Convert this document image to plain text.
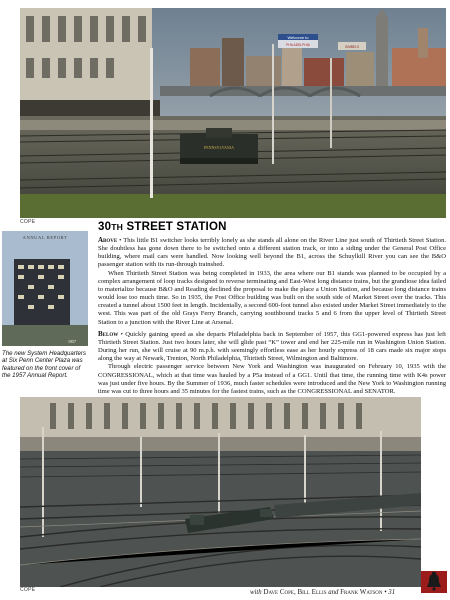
Welcome to
PHILADELPHIA	GIMBELS
PENNSYLVANIA
COPE
ANNUAL REPORT
1957
The new System Headquarters at Six Penn Center Plaza was featured on the front cover of the 1957 Annual Report.
30TH STREET STATION

Above • This little B1 switcher looks terribly lonely as she stands all alone on the River Line just south of Thirtieth Street Station. She doubtless has gone down there to be switched onto a different station track, or into a siding under the General Post Office building, where mail cars were handled. Now looking well beyond the B1, across the Schuylkill River you can see the B&O passenger station with its run-through trainshed.

When Thirtieth Street Station was being completed in 1933, the area where our B1 stands was planned to be occupied by a complex arrangement of loop tracks designed to reverse terminating and East-West long distance trains, but the grandiose idea failed to materialize because B&O and Reading declined the proposal to make the place a Union Station, and because long distance trains would lose too much time. So in 1935, the Post Office building was built on the south side of Market Street over the tracks. This created a tunnel about 1500 feet in length. Incidentally, a second 600-foot tunnel also existed under Market Street immediately to the west. This was part of the old Grays Ferry Branch, carrying southbound tracks 5 and 6 from the upper level of Thirtieth Street Station to a junction with the River Line at Arsenal.

Below • Quickly gaining speed as she departs Philadelphia back in September of 1957, this GG1-powered express has just left Thirtieth Street Station. Just two hours later, she will glide past “K” tower and end her 225-mile run in Washington Union Station. During her run, she will cruise at 90 m.p.h. with seemingly effortless ease as her hourly express of 18 cars made six major stops along the way at Newark, Trenton, North Philadelphia, Thirtieth Street, Wilmington and Baltimore.

Through electric passenger service between New York and Washington was inaugurated on February 10, 1935 with the CONGRESSIONAL, which at that time was hauled by a P5a instead of a GG1. Until that time, the running time with K4s power was just under five hours. By the Summer of 1936, much faster schedules were introduced and the New York to Washington running time was cut to three hours and 35 minutes for the fastest trains, such as the CONGRESSIONAL and SENATOR.

COPE	with Dave Cope, Bill Ellis and Frank Watson • 31
